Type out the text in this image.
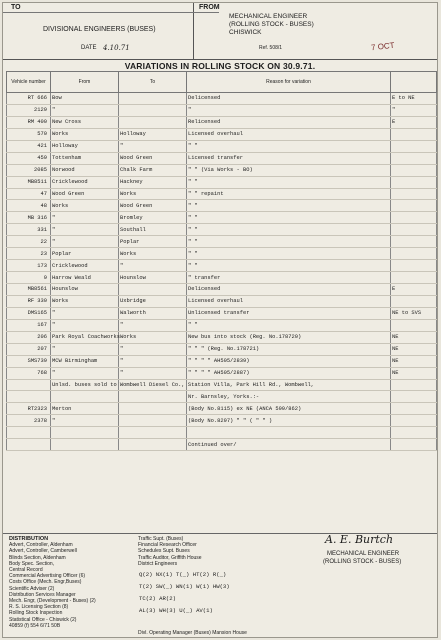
TO	FROM
DIVISIONAL ENGINEERS (BUSES)
DATE 4.10.71
MECHANICAL ENGINEER
(ROLLING STOCK - BUSES)
CHISWICK
Ref. 508/1	7 OCT
VARIATIONS IN ROLLING STOCK ON 30.9.71.
Vehicle number	From	To	Reason for variation	
RT 666	Bow		Delicensed	E to NE
2129	"		"	"
RM 400	New Cross		Relicensed	E
570	Works	Holloway	Licensed overhaul	
421	Holloway	"	" "	
459	Tottenham	Wood Green	Licensed transfer	
2085	Norwood	Chalk Farm	" " (Via Works - BO)	
MB8511	Cricklewood	Hackney	" "	
47	Wood Green	Works	" " repaint	
48	Works	Wood Green	" "	
MB 316	"	Bromley	" "	
331	"	Southall	" "	
22	"	Poplar	" "	
23	Poplar	Works	" "	
173	Cricklewood	"	" "	
9	Harrow Weald	Hounslow	" transfer	
MB8561	Hounslow		Delicensed	E
RF 330	Works	Uxbridge	Licensed overhaul	
DMS165	"	Walworth	Unlicensed transfer	NE to SVS
167	"	"	" "	
206	Park Royal Coachworks	Works	New bus into stock (Reg. No.178720)	NE
207	"	"	" " " (Reg. No.178721)	NE
SMS739	MCW Birmingham	"	" " " " AH505/2839)	NE
768	"	"	" " " " AH505/2887)	NE
	Unlsd. buses sold to Wombwell Diesel Co., Station Villa, Park Hill Rd., Wombwell,			
			Nr. Barnsley, Yorks.:-	
RT2323	Merton		(Body No.8115) ex NE (ANCA 599/862)	
2378	"		(Body No.8297) " " ( " " )	

			Continued over/	
DISTRIBUTION
Advert, Controller, Aldenham
Advert, Controller, Camberwell
Blinds Section, Aldenham
Body Spec. Section,
Central Record
Commercial Advertising Officer (6)
Costs Office (Mech. Engr,Buses)
Scientific Adviser (2)
Distribution Services Manager
Mech. Engr, (Development - Buses) (2)
R. S. Licensing Section (8)
Rolling Stock Inspection
Statistical Office - Chiswick (2)
40859 (f) 554 6/71 50B
Traffic Supt. (Buses)
Financial Research Officer
Schedules Supt. Buses
Traffic Auditor, Griffith House
District Engineers
Q(2) NX(1) T(_) HT(2) R(_)
T(2) SW(_) WN(1) W(1) HW(3)
TC(2) AR(2)
AL(3) WH(3) U(_) AV(1)
Divl. Operating Manager (Buses) Mansion House
A. E. Burtch
MECHANICAL ENGINEER
(ROLLING STOCK - BUSES)
